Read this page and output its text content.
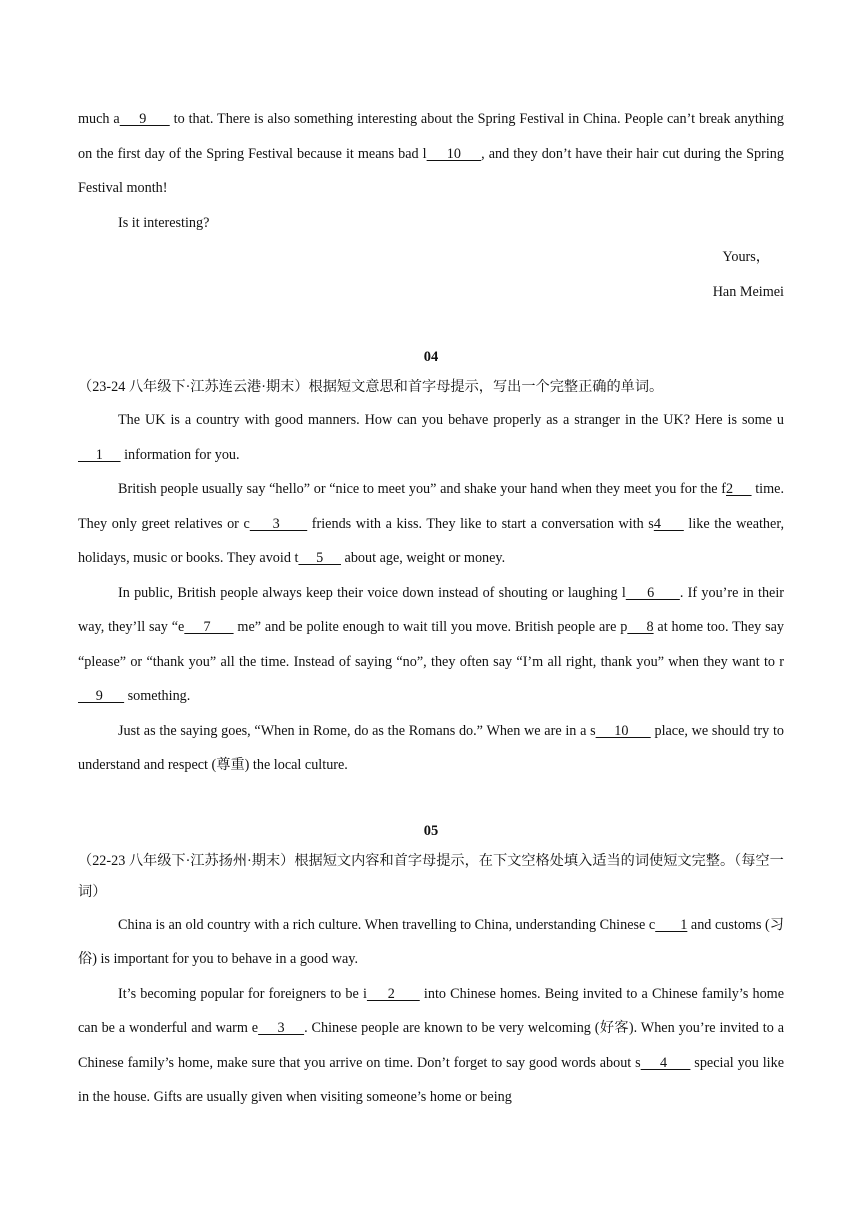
much a     9       to that. There is also something interesting about the Spring Festival in China. People can’t break anything on the first day of the Spring Festival because it means bad l     10     , and they don’t have their hair cut during the Spring Festival month!

Is it interesting?

Yours，

Han Meimei

04
（23-24 八年级下·江苏连云港·期末）根据短文意思和首字母提示，写出一个完整正确的单词。

The UK is a country with good manners. How can you behave properly as a stranger in the UK? Here is some u     1      information for you.

British people usually say “hello” or “nice to meet you” and shake your hand when they meet you for the f2      time. They only greet relatives or c     3       friends with a kiss. They like to start a conversation with s4      like the weather, holidays, music or books. They avoid t     5      about age, weight or money.

In public, British people always keep their voice down instead of shouting or laughing l     6      . If you’re in their way, they’ll say “e     7       me” and be polite enough to wait till you move. British people are p     8 at home too. They say “please” or “thank you” all the time. Instead of saying “no”, they often say “I’m all right, thank you” when they want to r     9       something.

Just as the saying goes, “When in Rome, do as the Romans do.” When we are in a s     10       place, we should try to understand and respect (尊重) the local culture.

05
（22-23 八年级下·江苏扬州·期末）根据短文内容和首字母提示，在下文空格处填入适当的词使短文完整。（每空一词）

China is an old country with a rich culture. When travelling to China, understanding Chinese c       1 and customs (习俗) is important for you to behave in a good way.

It’s becoming popular for foreigners to be i     2       into Chinese homes. Being invited to a Chinese family’s home can be a wonderful and warm e     3     . Chinese people are known to be very welcoming (好客). When you’re invited to a Chinese family’s home, make sure that you arrive on time. Don’t forget to say good words about s     4       special you like in the house. Gifts are usually given when visiting someone’s home or being
